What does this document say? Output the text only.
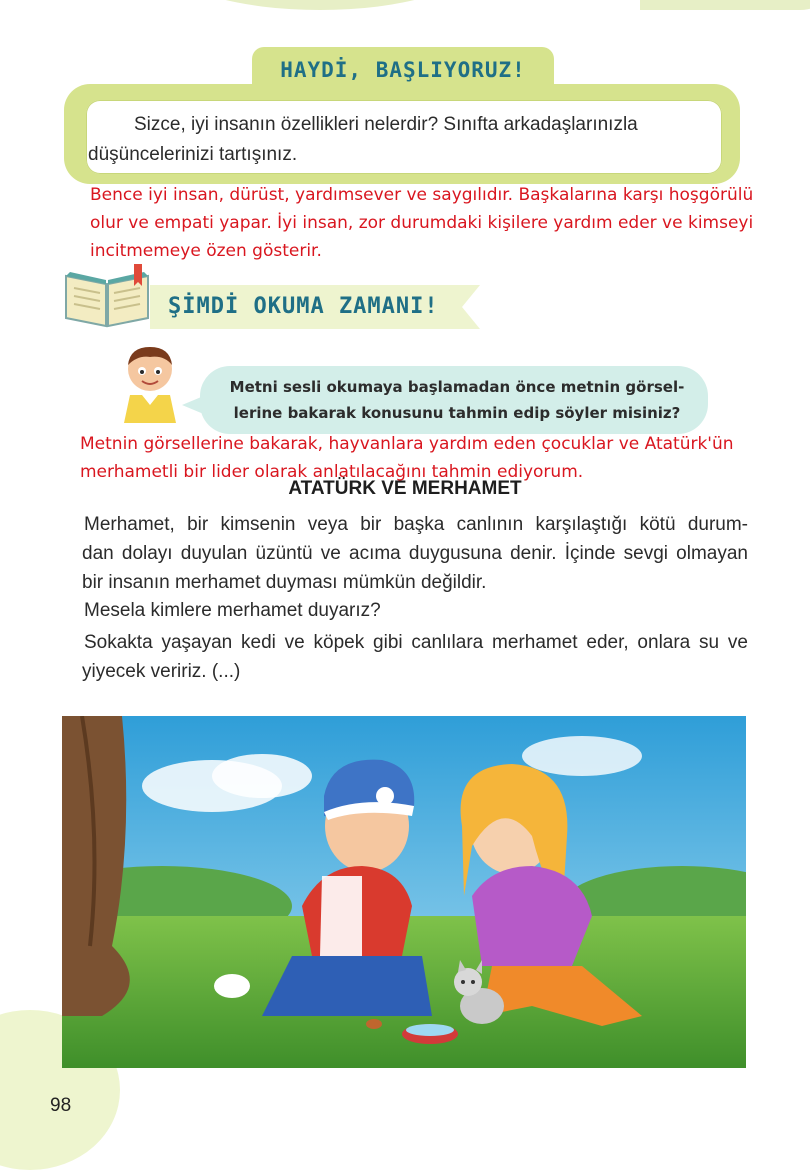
HAYDİ, BAŞLIYORUZ!
Sizce, iyi insanın özellikleri nelerdir? Sınıfta arkadaşlarınızla
düşüncelerinizi tartışınız.
Bence iyi insan, dürüst, yardımsever ve saygılıdır. Başkalarına karşı hoşgörülü
olur ve empati yapar. İyi insan, zor durumdaki kişilere yardım eder ve kimseyi
incitmemeye özen gösterir.
ŞİMDİ OKUMA ZAMANI!
Metni sesli okumaya başlamadan önce metnin görsel-
lerine bakarak konusunu tahmin edip söyler misiniz?
Metnin görsellerine bakarak, hayvanlara yardım eden çocuklar ve Atatürk'ün
merhametli bir lider olarak anlatılacağını tahmin ediyorum.
ATATÜRK VE MERHAMET
Merhamet, bir kimsenin veya bir başka canlının karşılaştığı kötü durum-
dan dolayı duyulan üzüntü ve acıma duygusuna denir. İçinde sevgi olmayan
bir insanın merhamet duyması mümkün değildir.
Mesela kimlere merhamet duyarız?
Sokakta yaşayan kedi ve köpek gibi canlılara merhamet eder, onlara su ve
yiyecek veririz. (...)
98
